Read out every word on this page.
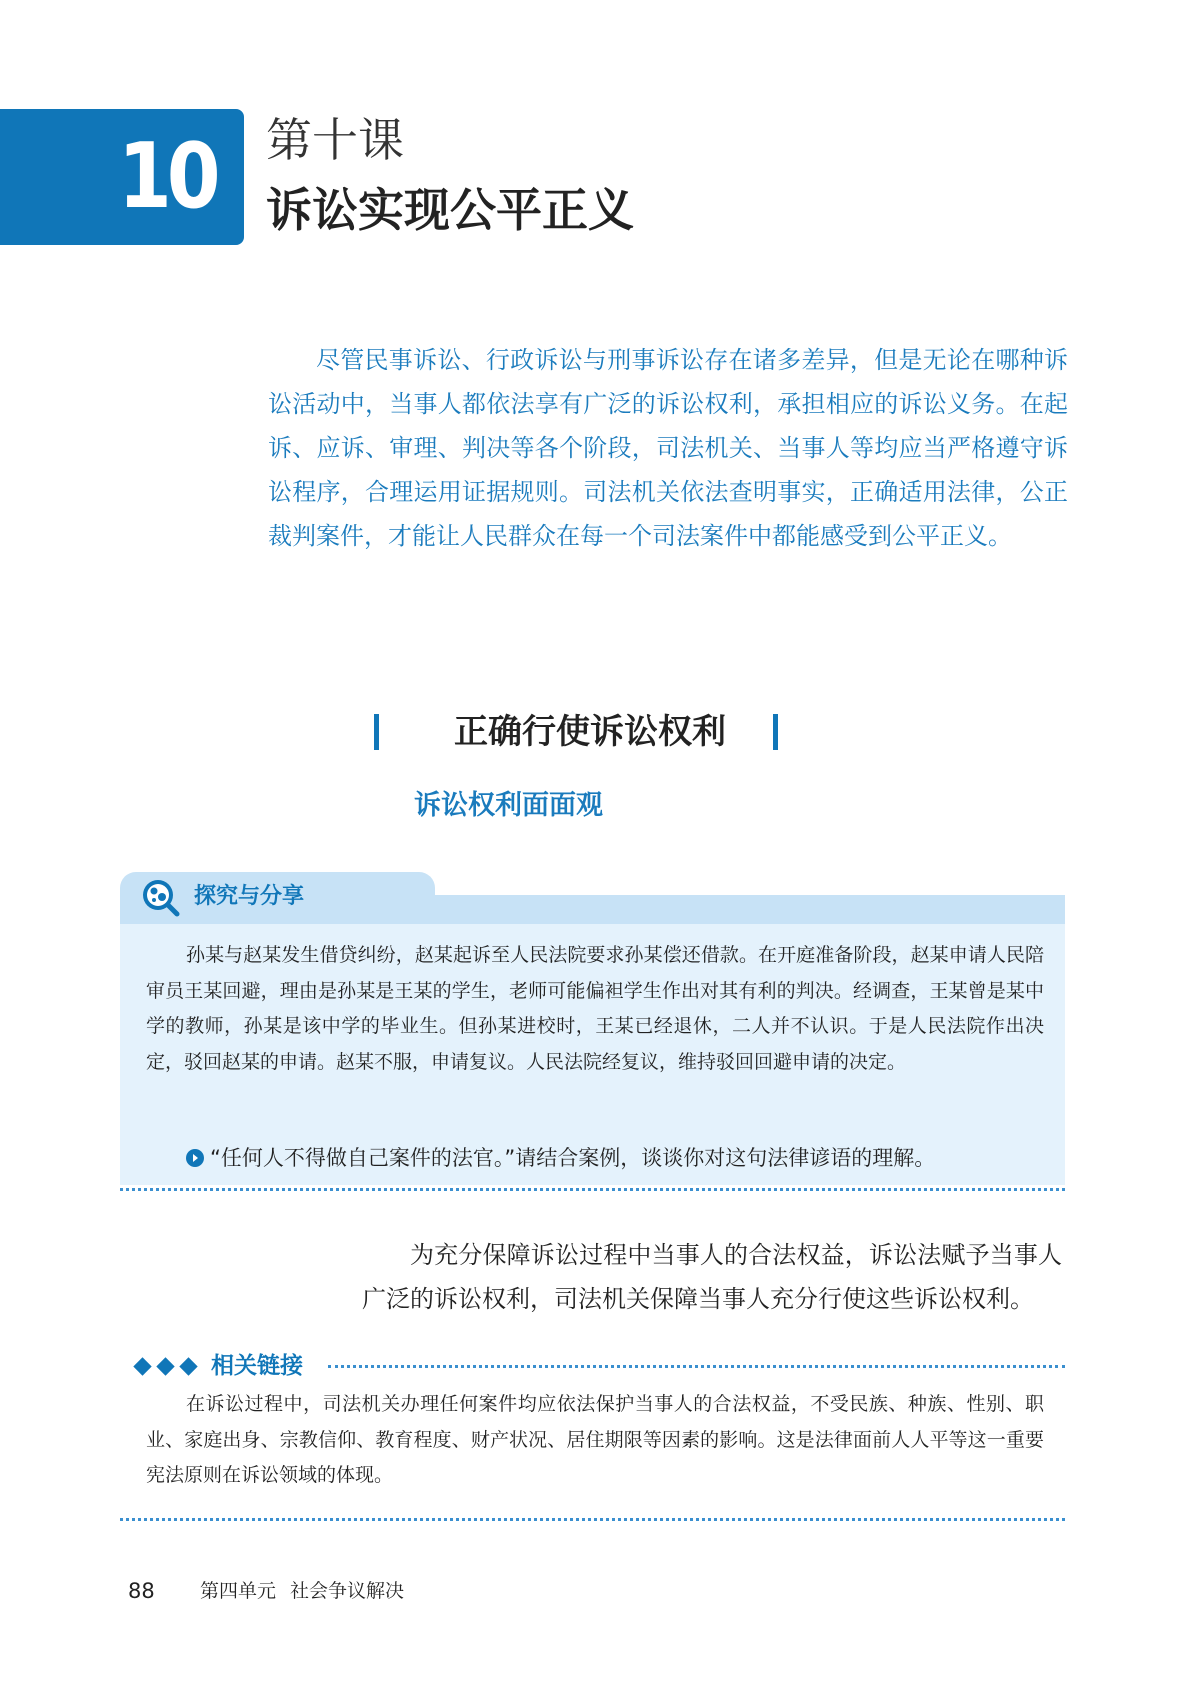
10 第十课
诉讼实现公平正义
尽管民事诉讼、行政诉讼与刑事诉讼存在诸多差异，但是无论在哪种诉讼活动中，当事人都依法享有广泛的诉讼权利，承担相应的诉讼义务。在起诉、应诉、审理、判决等各个阶段，司法机关、当事人等均应当严格遵守诉讼程序，合理运用证据规则。司法机关依法查明事实，正确适用法律，公正裁判案件，才能让人民群众在每一个司法案件中都能感受到公平正义。
正确行使诉讼权利
诉讼权利面面观
探究与分享
孙某与赵某发生借贷纠纷，赵某起诉至人民法院要求孙某偿还借款。在开庭准备阶段，赵某申请人民陪审员王某回避，理由是孙某是王某的学生，老师可能偏袒学生作出对其有利的判决。经调查，王某曾是某中学的教师，孙某是该中学的毕业生。但孙某进校时，王某已经退休，二人并不认识。于是人民法院作出决定，驳回赵某的申请。赵某不服，申请复议。人民法院经复议，维持驳回回避申请的决定。
“任何人不得做自己案件的法官。”请结合案例，谈谈你对这句法律谚语的理解。
为充分保障诉讼过程中当事人的合法权益，诉讼法赋予当事人广泛的诉讼权利，司法机关保障当事人充分行使这些诉讼权利。
相关链接
在诉讼过程中，司法机关办理任何案件均应依法保护当事人的合法权益，不受民族、种族、性别、职业、家庭出身、宗教信仰、教育程度、财产状况、居住期限等因素的影响。这是法律面前人人平等这一重要宪法原则在诉讼领域的体现。
88 第四单元 社会争议解决
